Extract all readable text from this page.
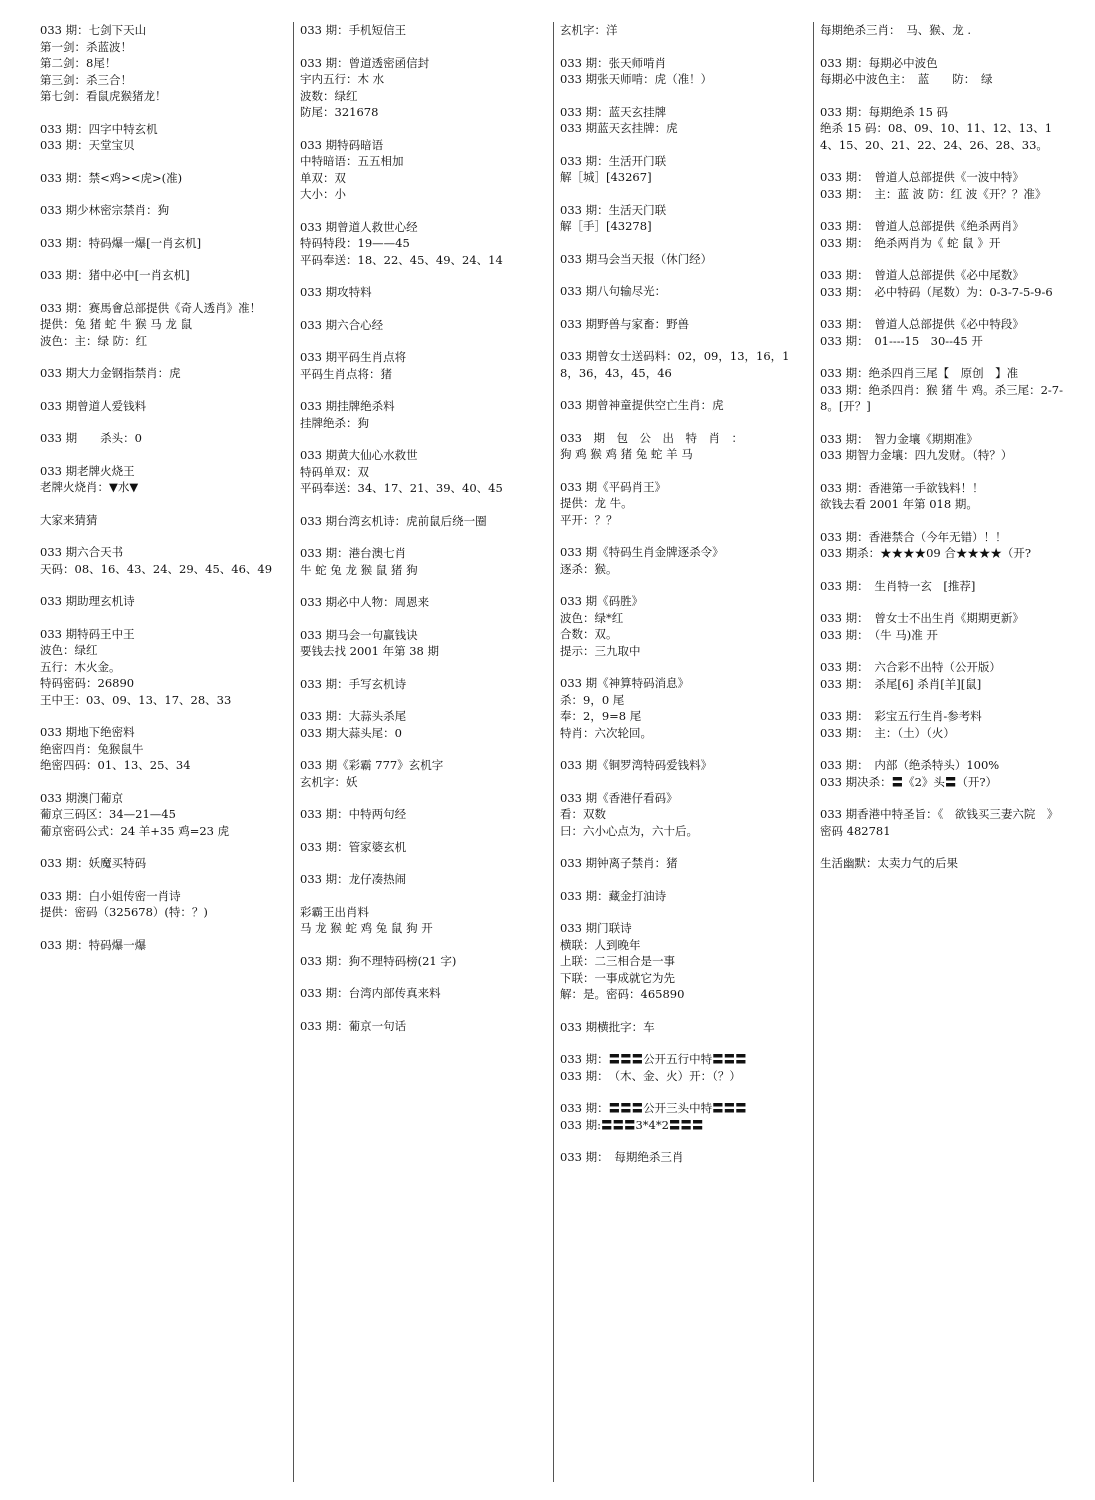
033 期：七剑下天山
第一剑：杀蓝波！
第二剑：8尾！
第三剑：杀三合！
第七剑：看鼠虎猴猪龙！
033 期：四字中特玄机
033 期：天堂宝贝
033 期：禁<鸡><虎>(准)
033 期少林密宗禁肖：狗
033 期：特码爆一爆[一肖玄机]
033 期：猪中必中[一肖玄机]
033 期：赛馬會总部提供《奇人透肖》准！
提供：兔 猪 蛇 牛 猴 马 龙 鼠
波色：主：绿 防：红
033 期大力金钢指禁肖：虎
033 期曾道人爱钱料
033 期　　杀头：0
033 期老牌火烧王
老牌火烧肖：▼水▼
大家来猜猜
033 期六合天书
天码：08、16、43、24、29、45、46、49
033 期助理玄机诗
033 期特码王中王
波色：绿红
五行：木火金。
特码密码：26890
王中王：03、09、13、17、28、33
033 期地下绝密料
绝密四肖：兔猴鼠牛
绝密四码：01、13、25、34
033 期澳门葡京
葡京三码区：34—21—45
葡京密码公式：24 羊+35 鸡=23 虎
033 期：妖魔买特码
033 期：白小姐传密一肖诗
提供：密码（325678）(特：？)
033 期：特码爆一爆
033 期：手机短信王
033 期：曾道透密函信封
宇内五行：木 水
波数：绿红
防尾：321678
033 期特码暗语
中特暗语：五五相加
单双：双
大小：小
033 期曾道人救世心经
特码特段：19——45
平码奉送：18、22、45、49、24、14
033 期攻特料
033 期六合心经
033 期平码生肖点将
平码生肖点将：猪
033 期挂牌绝杀料
挂牌绝杀：狗
033 期黄大仙心水救世
特码单双：双
平码奉送：34、17、21、39、40、45
033 期台湾玄机诗：虎前鼠后绕一圈
033 期：港台澳七肖
牛 蛇 兔 龙 猴 鼠 猪 狗
033 期必中人物：周恩来
033 期马会一句赢钱诀
要钱去找 2001 年第 38 期
033 期：手写玄机诗
033 期：大蒜头杀尾
033 期大蒜头尾：0
033 期《彩霸 777》玄机字
玄机字：妖
033 期：中特两句经
033 期：管家婆玄机
033 期：龙仔凑热闹
彩霸王出肖料
马 龙 猴 蛇 鸡 兔 鼠 狗 开
033 期：狗不理特码榜(21 字)
033 期：台湾内部传真来料
033 期：葡京一句话
玄机字：洋
033 期：张天师啃肖
033 期张天师啃：虎（准！）
033 期：蓝天玄挂牌
033 期蓝天玄挂牌：虎
033 期：生活开门联
解［城］[43267]
033 期：生活天门联
解［手］[43278]
033 期马会当天报（休门经）
033 期八句输尽光：
033 期野兽与家畜：野兽
033 期曾女士送码料：02，09，13，16，18，36，43，45，46
033 期曾神童提供空亡生肖：虎
033　期　包　公　出　特　肖　：
狗 鸡 猴 鸡 猪 兔 蛇 羊 马
033 期《平码肖王》
提供：龙 牛。
平开：？？
033 期《特码生肖金牌逐杀令》
逐杀：猴。
033 期《码胜》
波色：绿*红
合数：双。
提示：三九取中
033 期《神算特码消息》
杀：9，0 尾
奉：2，9=8 尾
特肖：六次轮回。
033 期《铜罗湾特码爱钱料》
033 期《香港仔看码》
看：双数
曰：六小心点为，六十后。
033 期钟离子禁肖：猪
033 期：藏金打油诗
033 期门联诗
横联：人到晚年
上联：二三相合是一事
下联：一事成就它为先
解：是。密码：465890
033 期横批字：车
033 期：〓〓〓公开五行中特〓〓〓
033 期：　（木、金、火）开：（？）
033 期：〓〓〓公开三头中特〓〓〓
033 期:〓〓〓3*4*2〓〓〓
033 期：　每期绝杀三肖
每期绝杀三肖：　马、猴、龙 .
033 期：每期必中波色
每期必中波色主：　蓝　　防：　绿
033 期：每期绝杀 15 码
绝杀 15 码：08、09、10、11、12、13、14、15、20、21、22、24、26、28、33。
033 期：　曾道人总部提供《一波中特》
033 期：　主：蓝 波 防：红 波《开？？准》
033 期：　曾道人总部提供《绝杀两肖》
033 期：　绝杀两肖为《 蛇 鼠 》开
033 期：　曾道人总部提供《必中尾数》
033 期：　必中特码（尾数）为：0-3-7-5-9-6
033 期：　曾道人总部提供《必中特段》
033 期：　01----15　30--45 开
033 期：绝杀四肖三尾【　原创　】准
033 期：绝杀四肖：猴 猪 牛 鸡。杀三尾：2-7-8。[开？]
033 期：　智力金壤《期期准》
033 期智力金壤：四九发财。（特？）
033 期：香港第一手欲钱料！！
欲钱去看 2001 年第 018 期。
033 期：香港禁合（今年无错）！！
033 期杀：★★★★09 合★★★★（开?
033 期：　生肖特一玄　[推荐]
033 期：　曾女士不出生肖《期期更新》
033 期：　（牛 马)准 开
033 期：　六合彩不出特（公开版）
033 期：　杀尾[6] 杀肖[羊][鼠]
033 期：　彩宝五行生肖-参考料
033 期：　主：（土）（火）
033 期：　内部（绝杀特头）100%
033 期决杀：〓《2》头〓（开?）
033 期香港中特圣旨：《　欲钱买三妻六院　》
密码 482781
生活幽默：太卖力气的后果
